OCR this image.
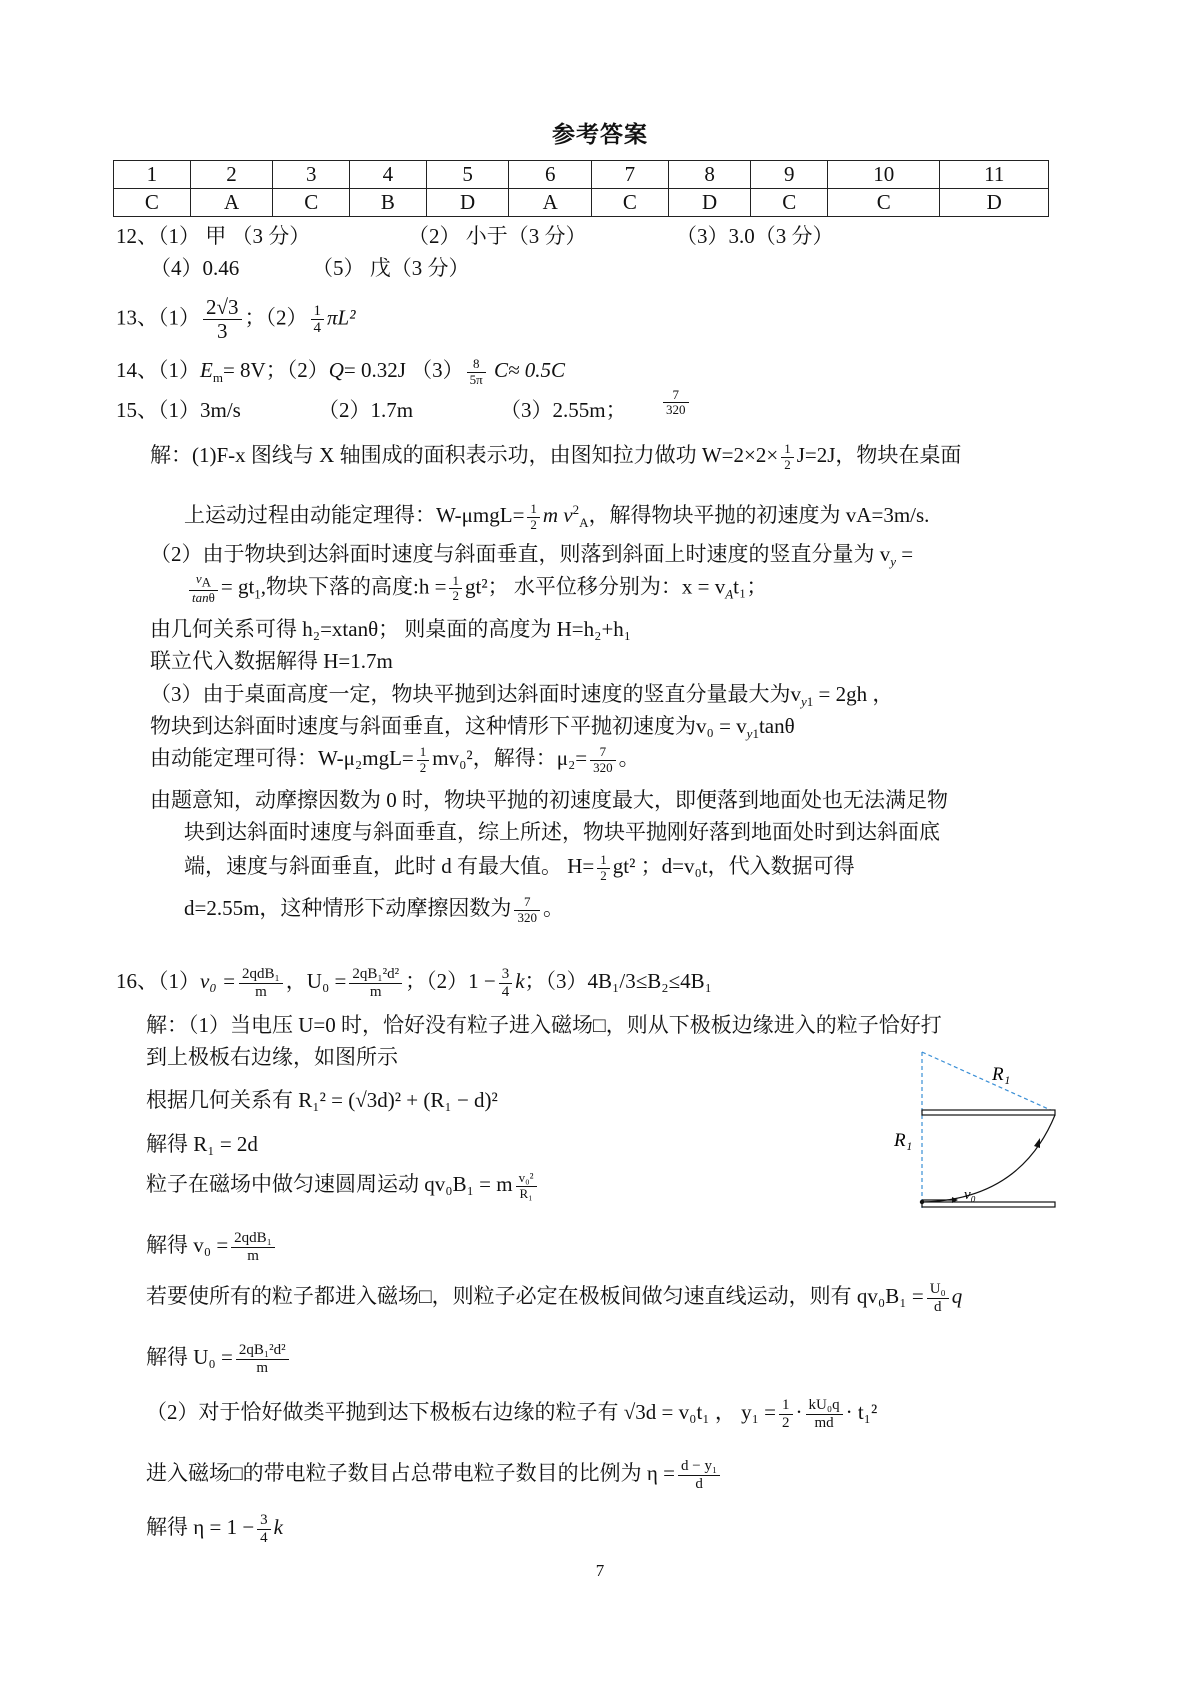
参考答案
1	2	3	4	5	6	7	8	9	10	11
C	A	C	B	D	A	C	D	C	C	D
12、（1） 甲 （3 分）	（2） 小于（3 分）	（3）3.0（3 分）
（4）0.46	（5） 戊（3 分）
13、$(1) \frac{2√3}{3}$ ；$(2) \frac{1}{4} \pi L^2$
14、$(1)E_m= 8V$；（2）Q= 0.32J $(3) \frac{8}{5\pi} C\approx 0.5C$
15、（1）3m/s	（2）1.7m	（3）2.55m；	$\frac{7}{320}$
解：(1)F-x 图线与 X 轴围成的面积表示功，由图知拉力做功 $W=2\times 2\times \frac{1}{2} J=2J$，物块在桌面
上运动过程由动能定理得：$W-\mu mgL= \frac{1}{2}$ m $v^2_A$，解得物块平抛的初速度为 vA=3m/s.
（2）由于物块到达斜面时速度与斜面垂直，则落到斜面上时速度的竖直分量为 $v_y$ =
$\frac{v_A}{\tan\theta} = gt_1$,物块下落的高度:h = $\frac{1}{2} gt^2$； 水平位移分别为：$x = v_At_1$；
由几何关系可得 h₂=xtanθ； 则桌面的高度为 H=h₂+h₁
联立代入数据解得 H=1.7m
（3）由于桌面高度一定，物块平抛到达斜面时速度的竖直分量最大为$v_{y1} = 2gh$ ，
物块到达斜面时速度与斜面垂直，这种情形下平抛初速度为$v_0 = v_{y1}\tan\theta$
由动能定理可得：$W-\mu_2mgL= \frac{1}{2} mv_0^2$，解得：$\mu_2= \frac{7}{320}$ 。
由题意知，动摩擦因数为 0 时，物块平抛的初速度最大，即便落到地面处也无法满足物
块到达斜面时速度与斜面垂直，综上所述，物块平抛刚好落到地面处时到达斜面底
端，速度与斜面垂直，此时 d 有最大值。 $H= \frac{1}{2} gt^2$ ；d=v₀t，代入数据可得
d=2.55m，这种情形下动摩擦因数为 $\frac{7}{320}$ 。
16、$(1)v_0 = \frac{\text{2qdB₁}}{m}$ ，$U_0 = \frac{\text{2qB₁²d²}}{m}$ ；$(2)1 - \frac{3}{4}$ k；（3）4B₁/3≤B₂≤4B₁
解：（1）当电压 U=0 时，恰好没有粒子进入磁场□，则从下极板边缘进入的粒子恰好打
到上极板右边缘，如图所示
根据几何关系有 R₁² = (√3d)² + (R₁ − d)²
解得 R₁ = 2d
粒子在磁场中做匀速圆周运动 qv₀B₁ = m $\frac{\text{v₀²}}{\text{R₁}}$
解得 $v_0 = \frac{\text{2qdB₁}}{m}$
若要使所有的粒子都进入磁场□，则粒子必定在极板间做匀速直线运动，则有 $qv_0B_1 = \frac{\text{U₀}}{d}$ q
解得 $U_0 = \frac{\text{2qB₁²d²}}{m}$
（2）对于恰好做类平抛到达下极板右边缘的粒子有 √3d = v₀t₁ ， $y_1 = \frac{1}{2} \cdot \frac{\text{kU₀q}}{md} \cdot t_1^2$
进入磁场□的带电粒子数目占总带电粒子数目的比例为 $\eta = \frac{\text{d − y₁}}{d}$
解得 $\eta = 1 - \frac{3}{4}$ k
R₁
R₁
v₀
7
